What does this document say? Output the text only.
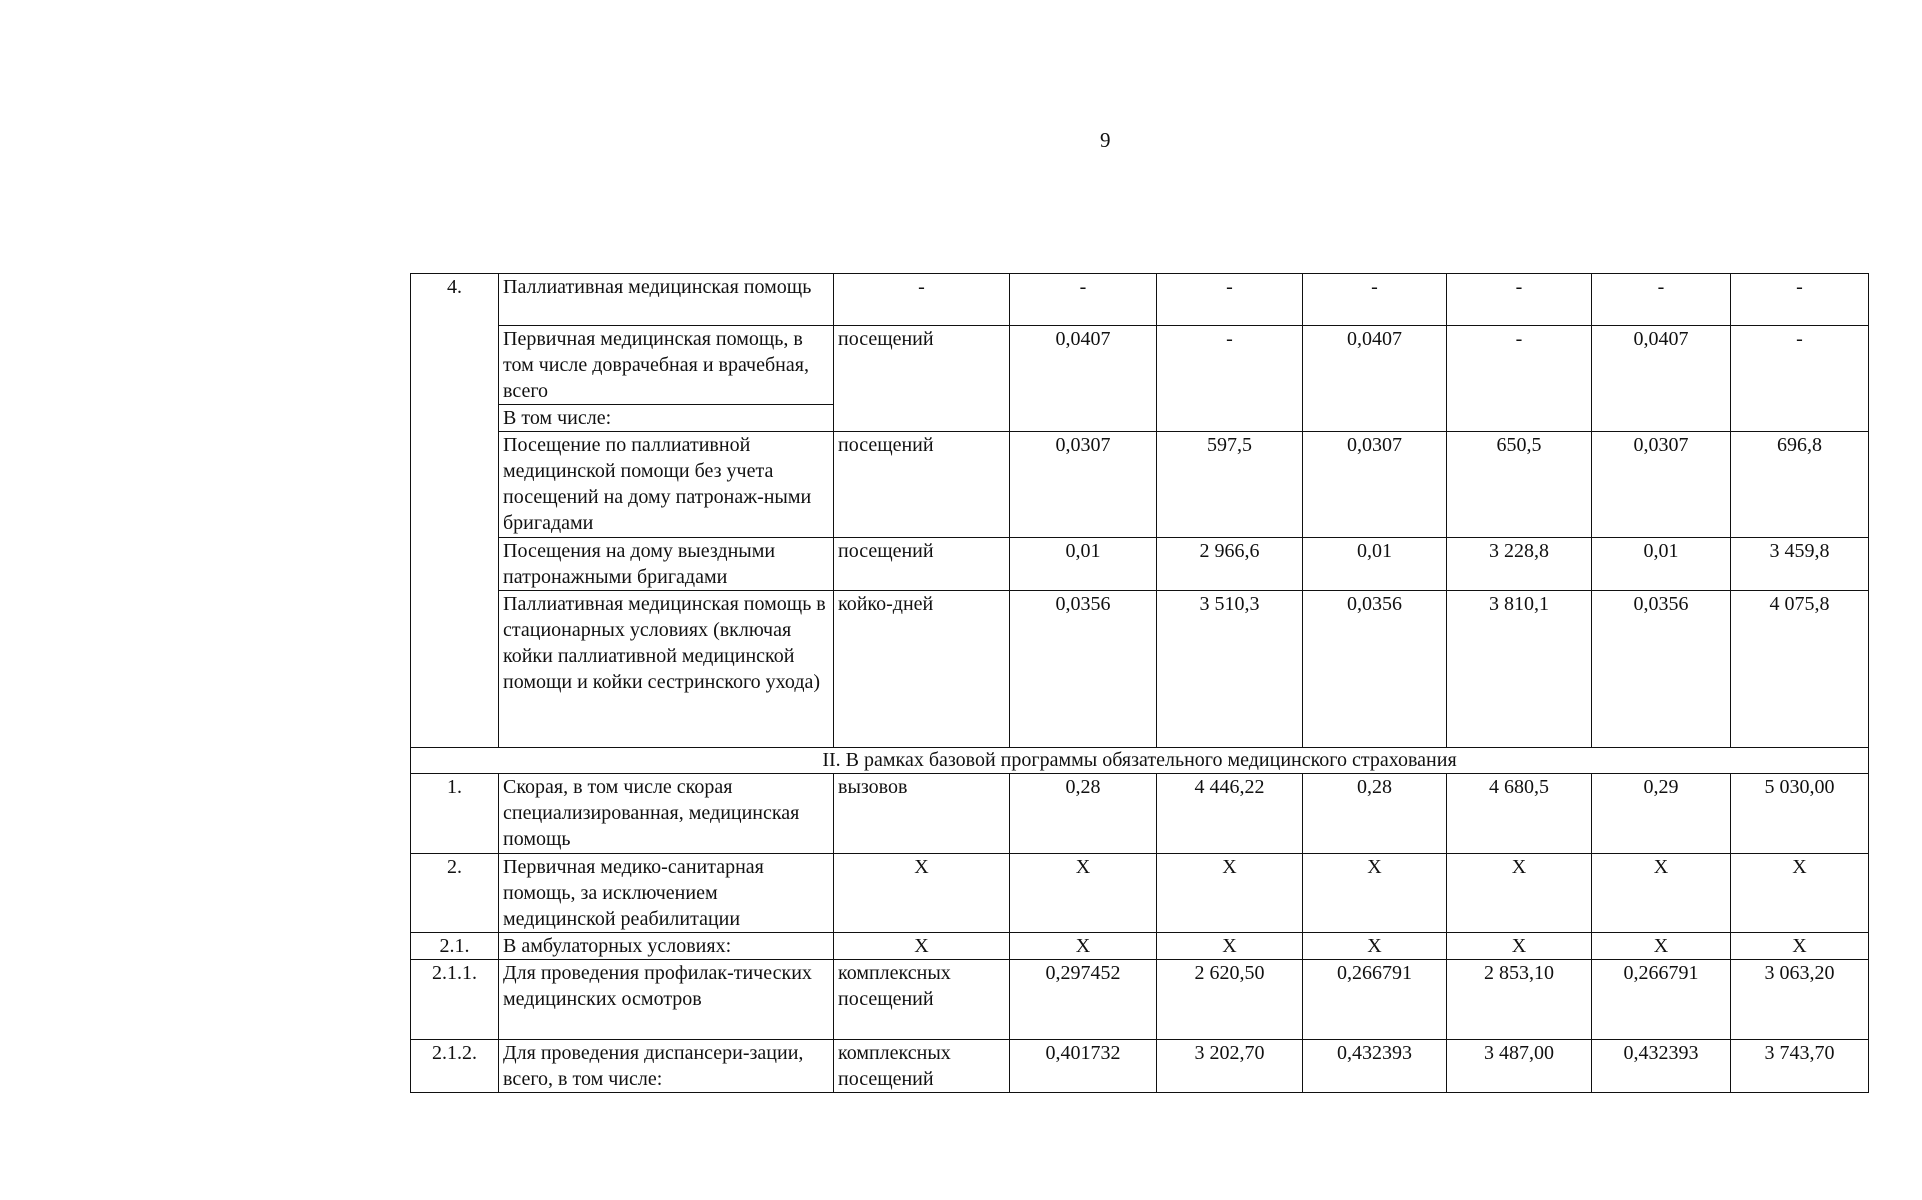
9
4.	Паллиативная медицинская помощь	-	-	-	-	-	-	-
	Первичная медицинская помощь, в том числе доврачебная и врачебная, всего	посещений	0,0407	-	0,0407	-	0,0407	-
	В том числе:							
	Посещение по паллиативной медицинской помощи без учета посещений на дому патронаж-ными бригадами	посещений	0,0307	597,5	0,0307	650,5	0,0307	696,8
	Посещения на дому выездными патронажными бригадами	посещений	0,01	2 966,6	0,01	3 228,8	0,01	3 459,8
	Паллиативная медицинская помощь в стационарных условиях (включая койки паллиативной медицинской помощи и койки сестринского ухода)	койко-дней	0,0356	3 510,3	0,0356	3 810,1	0,0356	4 075,8
II. В рамках базовой программы обязательного медицинского страхования								
1.	Скорая, в том числе скорая специализированная, медицинская помощь	вызовов	0,28	4 446,22	0,28	4 680,5	0,29	5 030,00
2.	Первичная медико-санитарная помощь, за исключением медицинской реабилитации	Х	Х	Х	Х	Х	Х	Х
2.1.	В амбулаторных условиях:	Х	Х	Х	Х	Х	Х	Х
2.1.1.	Для проведения профилак-тических медицинских осмотров	комплексных посещений	0,297452	2 620,50	0,266791	2 853,10	0,266791	3 063,20
2.1.2.	Для проведения диспансери-зации, всего, в том числе:	комплексных посещений	0,401732	3 202,70	0,432393	3 487,00	0,432393	3 743,70
